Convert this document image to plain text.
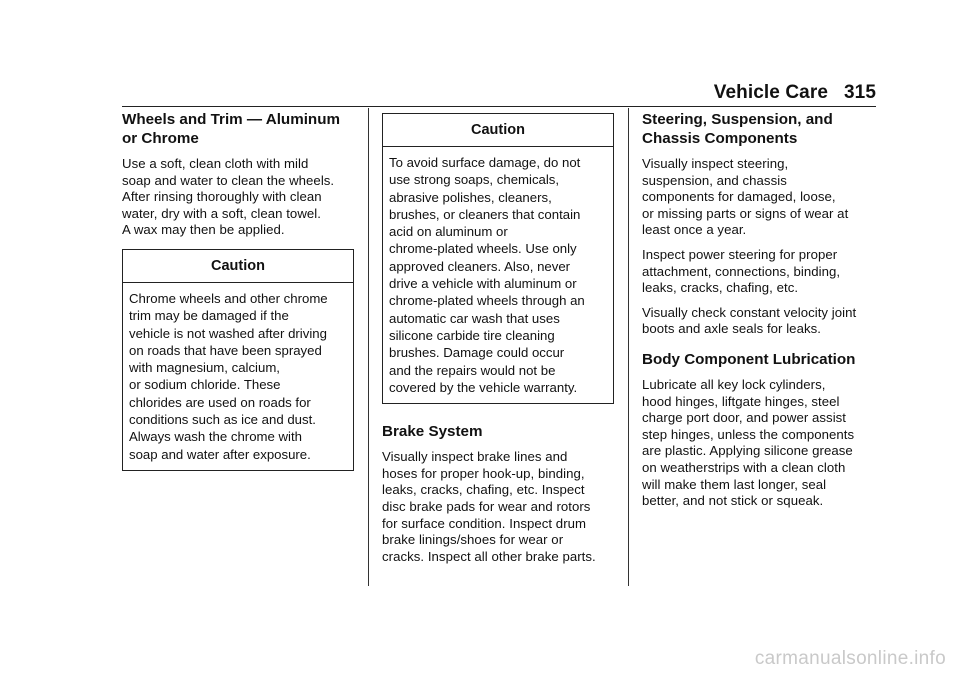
Vehicle Care 315
Wheels and Trim — Aluminum
or Chrome

Use a soft, clean cloth with mild
soap and water to clean the wheels.
After rinsing thoroughly with clean
water, dry with a soft, clean towel.
A wax may then be applied.

Caution
Chrome wheels and other chrome
trim may be damaged if the
vehicle is not washed after driving
on roads that have been sprayed
with magnesium, calcium,
or sodium chloride. These
chlorides are used on roads for
conditions such as ice and dust.
Always wash the chrome with
soap and water after exposure.
Caution
To avoid surface damage, do not
use strong soaps, chemicals,
abrasive polishes, cleaners,
brushes, or cleaners that contain
acid on aluminum or
chrome-plated wheels. Use only
approved cleaners. Also, never
drive a vehicle with aluminum or
chrome-plated wheels through an
automatic car wash that uses
silicone carbide tire cleaning
brushes. Damage could occur
and the repairs would not be
covered by the vehicle warranty.
Brake System

Visually inspect brake lines and
hoses for proper hook-up, binding,
leaks, cracks, chafing, etc. Inspect
disc brake pads for wear and rotors
for surface condition. Inspect drum
brake linings/shoes for wear or
cracks. Inspect all other brake parts.

Steering, Suspension, and
Chassis Components

Visually inspect steering,
suspension, and chassis
components for damaged, loose,
or missing parts or signs of wear at
least once a year.

Inspect power steering for proper
attachment, connections, binding,
leaks, cracks, chafing, etc.

Visually check constant velocity joint
boots and axle seals for leaks.

Body Component Lubrication

Lubricate all key lock cylinders,
hood hinges, liftgate hinges, steel
charge port door, and power assist
step hinges, unless the components
are plastic. Applying silicone grease
on weatherstrips with a clean cloth
will make them last longer, seal
better, and not stick or squeak.

carmanualsonline.info
